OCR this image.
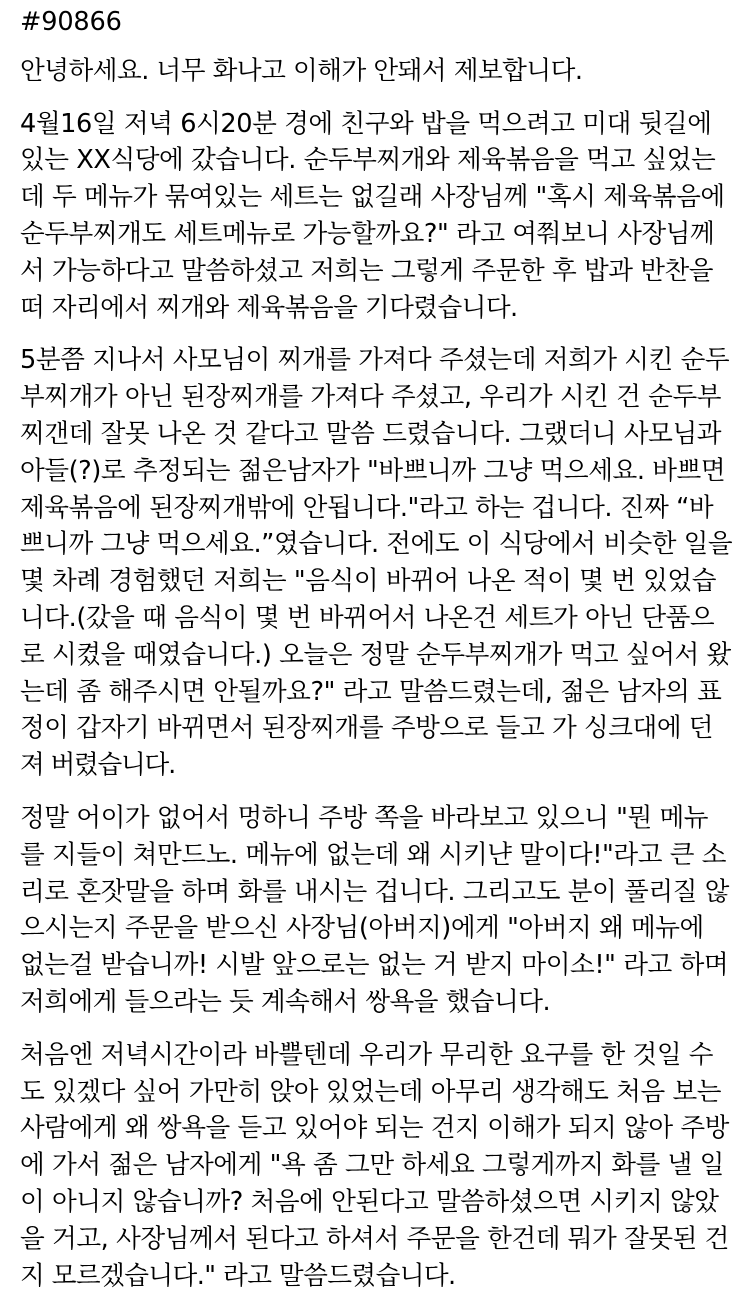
#90866
안녕하세요. 너무 화나고 이해가 안돼서 제보합니다.
4월16일 저녁 6시20분 경에 친구와 밥을 먹으려고 미대 뒷길에
있는 XX식당에 갔습니다. 순두부찌개와 제육볶음을 먹고 싶었는
데 두 메뉴가 묶여있는 세트는 없길래 사장님께 "혹시 제육볶음에
순두부찌개도 세트메뉴로 가능할까요?" 라고 여쭤보니 사장님께
서 가능하다고 말씀하셨고 저희는 그렇게 주문한 후 밥과 반찬을
떠 자리에서 찌개와 제육볶음을 기다렸습니다.
5분쯤 지나서 사모님이 찌개를 가져다 주셨는데 저희가 시킨 순두
부찌개가 아닌 된장찌개를 가져다 주셨고, 우리가 시킨 건 순두부
찌갠데 잘못 나온 것 같다고 말씀 드렸습니다. 그랬더니 사모님과
아들(?)로 추정되는 젊은남자가 "바쁘니까 그냥 먹으세요. 바쁘면
제육볶음에 된장찌개밖에 안됩니다."라고 하는 겁니다. 진짜 “바
쁘니까 그냥 먹으세요.”였습니다. 전에도 이 식당에서 비슷한 일을
몇 차례 경험했던 저희는 "음식이 바뀌어 나온 적이 몇 번 있었습
니다.(갔을 때 음식이 몇 번 바뀌어서 나온건 세트가 아닌 단품으
로 시켰을 때였습니다.) 오늘은 정말 순두부찌개가 먹고 싶어서 왔
는데 좀 해주시면 안될까요?" 라고 말씀드렸는데, 젊은 남자의 표
정이 갑자기 바뀌면서 된장찌개를 주방으로 들고 가 싱크대에 던
져 버렸습니다.
정말 어이가 없어서 멍하니 주방 쪽을 바라보고 있으니 "뭔 메뉴
를 지들이 쳐만드노. 메뉴에 없는데 왜 시키냔 말이다!"라고 큰 소
리로 혼잣말을 하며 화를 내시는 겁니다. 그리고도 분이 풀리질 않
으시는지 주문을 받으신 사장님(아버지)에게 "아버지 왜 메뉴에
없는걸 받습니까! 시발 앞으로는 없는 거 받지 마이소!" 라고 하며
저희에게 들으라는 듯 계속해서 쌍욕을 했습니다.
처음엔 저녁시간이라 바쁠텐데 우리가 무리한 요구를 한 것일 수
도 있겠다 싶어 가만히 앉아 있었는데 아무리 생각해도 처음 보는
사람에게 왜 쌍욕을 듣고 있어야 되는 건지 이해가 되지 않아 주방
에 가서 젊은 남자에게 "욕 좀 그만 하세요 그렇게까지 화를 낼 일
이 아니지 않습니까? 처음에 안된다고 말씀하셨으면 시키지 않았
을 거고, 사장님께서 된다고 하셔서 주문을 한건데 뭐가 잘못된 건
지 모르겠습니다." 라고 말씀드렸습니다.
